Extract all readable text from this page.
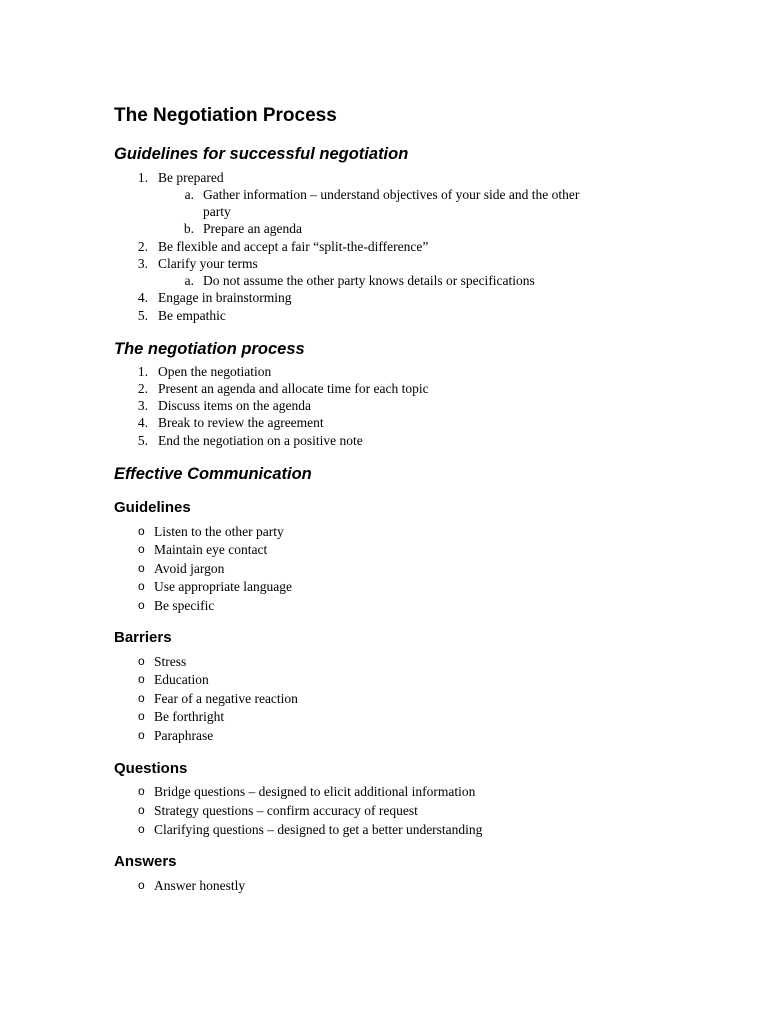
The Negotiation Process
Guidelines for successful negotiation
1. Be prepared
a. Gather information – understand objectives of your side and the other
party
b. Prepare an agenda
2. Be flexible and accept a fair “split-the-difference”
3. Clarify your terms
a. Do not assume the other party knows details or specifications
4. Engage in brainstorming
5. Be empathic
The negotiation process
1. Open the negotiation
2. Present an agenda and allocate time for each topic
3. Discuss items on the agenda
4. Break to review the agreement
5. End the negotiation on a positive note
Effective Communication
Guidelines
o Listen to the other party
o Maintain eye contact
o Avoid jargon
o Use appropriate language
o Be specific
Barriers
o Stress
o Education
o Fear of a negative reaction
o Be forthright
o Paraphrase
Questions
o Bridge questions – designed to elicit additional information
o Strategy questions – confirm accuracy of request
o Clarifying questions – designed to get a better understanding
Answers
o Answer honestly
